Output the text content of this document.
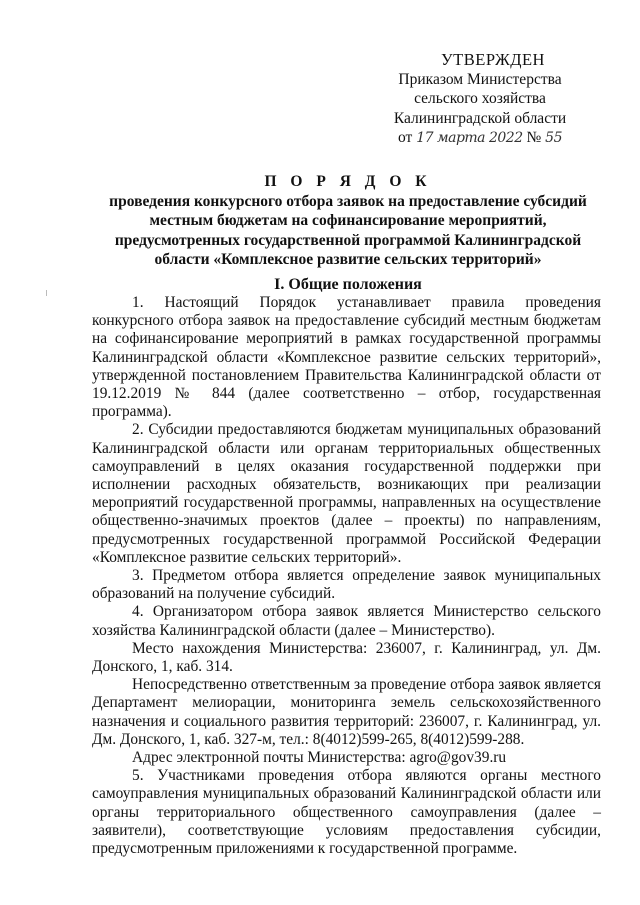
УТВЕРЖДЕН
Приказом Министерства
сельского хозяйства
Калининградской области
от 17 марта 2022 № 55
П О Р Я Д О К
проведения конкурсного отбора заявок на предоставление субсидий
местным бюджетам на софинансирование мероприятий,
предусмотренных государственной программой Калининградской
области «Комплексное развитие сельских территорий»
I. Общие положения

1. Настоящий Порядок устанавливает правила проведения конкурсного отбора заявок на предоставление субсидий местным бюджетам на софинансирование мероприятий в рамках государственной программы Калининградской области «Комплексное развитие сельских территорий», утвержденной постановлением Правительства Калининградской области от 19.12.2019 № 844 (далее соответственно – отбор, государственная программа).

2. Субсидии предоставляются бюджетам муниципальных образований Калининградской области или органам территориальных общественных самоуправлений в целях оказания государственной поддержки при исполнении расходных обязательств, возникающих при реализации мероприятий государственной программы, направленных на осуществление общественно-значимых проектов (далее – проекты) по направлениям, предусмотренных государственной программой Российской Федерации «Комплексное развитие сельских территорий».

3. Предметом отбора является определение заявок муниципальных образований на получение субсидий.

4. Организатором отбора заявок является Министерство сельского хозяйства Калининградской области (далее – Министерство).

Место нахождения Министерства: 236007, г. Калининград, ул. Дм. Донского, 1, каб. 314.

Непосредственно ответственным за проведение отбора заявок является Департамент мелиорации, мониторинга земель сельскохозяйственного назначения и социального развития территорий: 236007, г. Калининград, ул. Дм. Донского, 1, каб. 327-м, тел.: 8(4012)599-265, 8(4012)599-288.

Адрес электронной почты Министерства: agro@gov39.ru

5. Участниками проведения отбора являются органы местного самоуправления муниципальных образований Калининградской области или органы территориального общественного самоуправления (далее – заявители), соответствующие условиям предоставления субсидии, предусмотренным приложениями к государственной программе.
